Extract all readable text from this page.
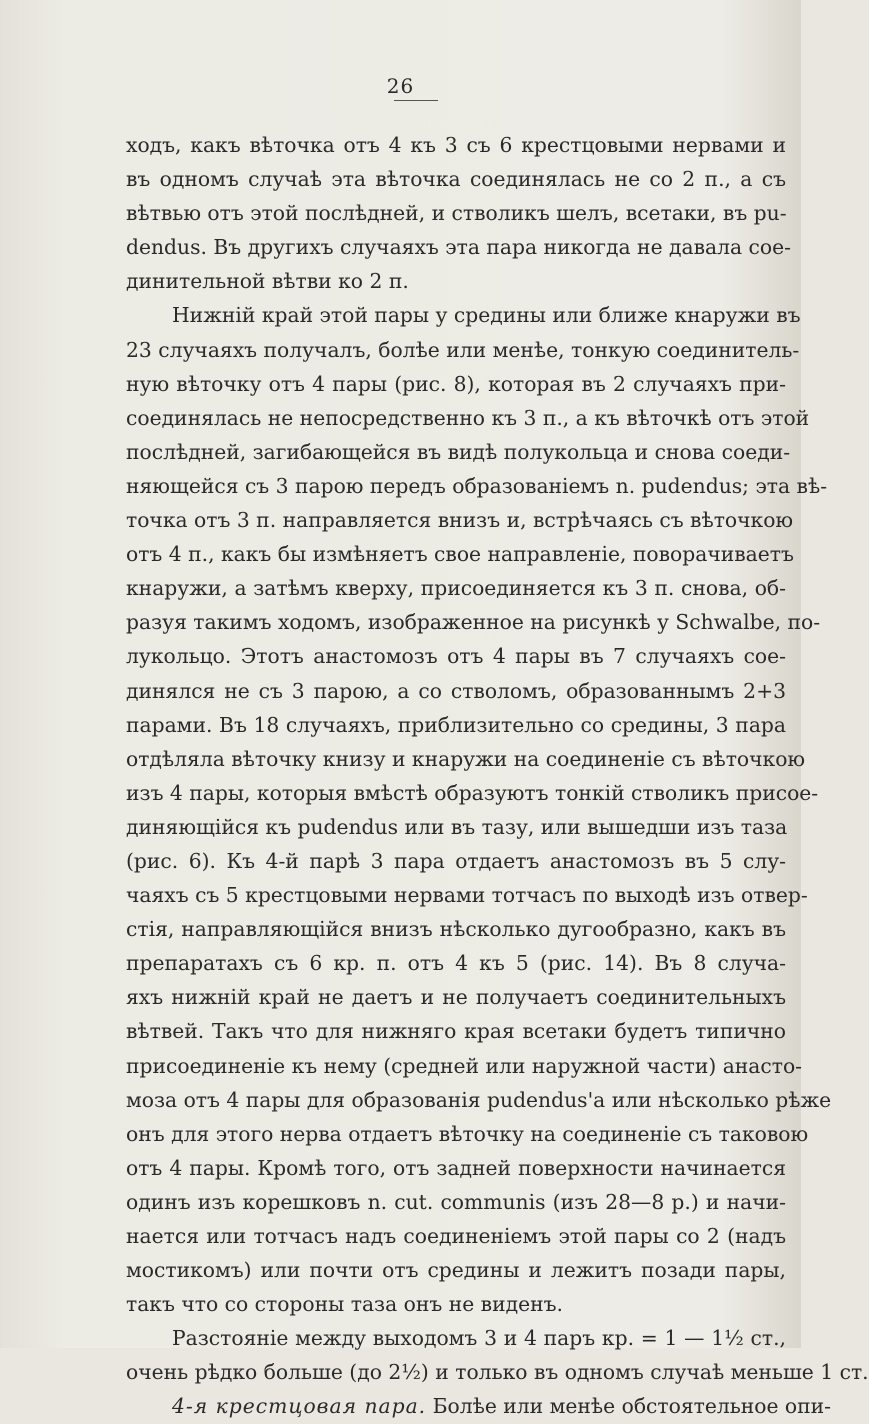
26
ходъ, какъ вѣточка отъ 4 къ 3 съ 6 крестцовыми нервами и
въ одномъ случаѣ эта вѣточка соединялась не со 2 п., а съ
вѣтвью отъ этой послѣдней, и стволикъ шелъ, всетаки, въ pu-
dendus. Въ другихъ случаяхъ эта пара никогда не давала сое-
динительной вѣтви ко 2 п.
Нижній край этой пары у средины или ближе кнаружи въ
23 случаяхъ получалъ, болѣе или менѣе, тонкую соединитель-
ную вѣточку отъ 4 пары (рис. 8), которая въ 2 случаяхъ при-
соединялась не непосредственно къ 3 п., а къ вѣточкѣ отъ этой
послѣдней, загибающейся въ видѣ полукольца и снова соеди-
няющейся съ 3 парою передъ образованіемъ n. pudendus; эта вѣ-
точка отъ 3 п. направляется внизъ и, встрѣчаясь съ вѣточкою
отъ 4 п., какъ бы измѣняетъ свое направленіе, поворачиваетъ
кнаружи, а затѣмъ кверху, присоединяется къ 3 п. снова, об-
разуя такимъ ходомъ, изображенное на рисункѣ у Schwalbe, по-
лукольцо. Этотъ анастомозъ отъ 4 пары въ 7 случаяхъ сое-
динялся не съ 3 парою, а со стволомъ, образованнымъ 2+3
парами. Въ 18 случаяхъ, приблизительно со средины, 3 пара
отдѣляла вѣточку книзу и кнаружи на соединеніе съ вѣточкою
изъ 4 пары, которыя вмѣстѣ образуютъ тонкій стволикъ присое-
диняющійся къ pudendus или въ тазу, или вышедши изъ таза
(рис. 6). Къ 4-й парѣ 3 пара отдаетъ анастомозъ въ 5 слу-
чаяхъ съ 5 крестцовыми нервами тотчасъ по выходѣ изъ отвер-
стія, направляющійся внизъ нѣсколько дугообразно, какъ въ
препаратахъ съ 6 кр. п. отъ 4 къ 5 (рис. 14). Въ 8 случа-
яхъ нижній край не даетъ и не получаетъ соединительныхъ
вѣтвей. Такъ что для нижняго края всетаки будетъ типично
присоединеніе къ нему (средней или наружной части) анасто-
моза отъ 4 пары для образованія pudendus'а или нѣсколько рѣже
онъ для этого нерва отдаетъ вѣточку на соединеніе съ таковою
отъ 4 пары. Кромѣ того, отъ задней поверхности начинается
одинъ изъ корешковъ n. cut. communis (изъ 28—8 р.) и начи-
нается или тотчасъ надъ соединеніемъ этой пары со 2 (надъ
мостикомъ) или почти отъ средины и лежитъ позади пары,
такъ что со стороны таза онъ не виденъ.
Разстояніе между выходомъ 3 и 4 паръ кр. = 1 — 1½ ст.,
очень рѣдко больше (до 2½) и только въ одномъ случаѣ меньше 1 ст.
4-я крестцовая пара. Болѣе или менѣе обстоятельное опи-
